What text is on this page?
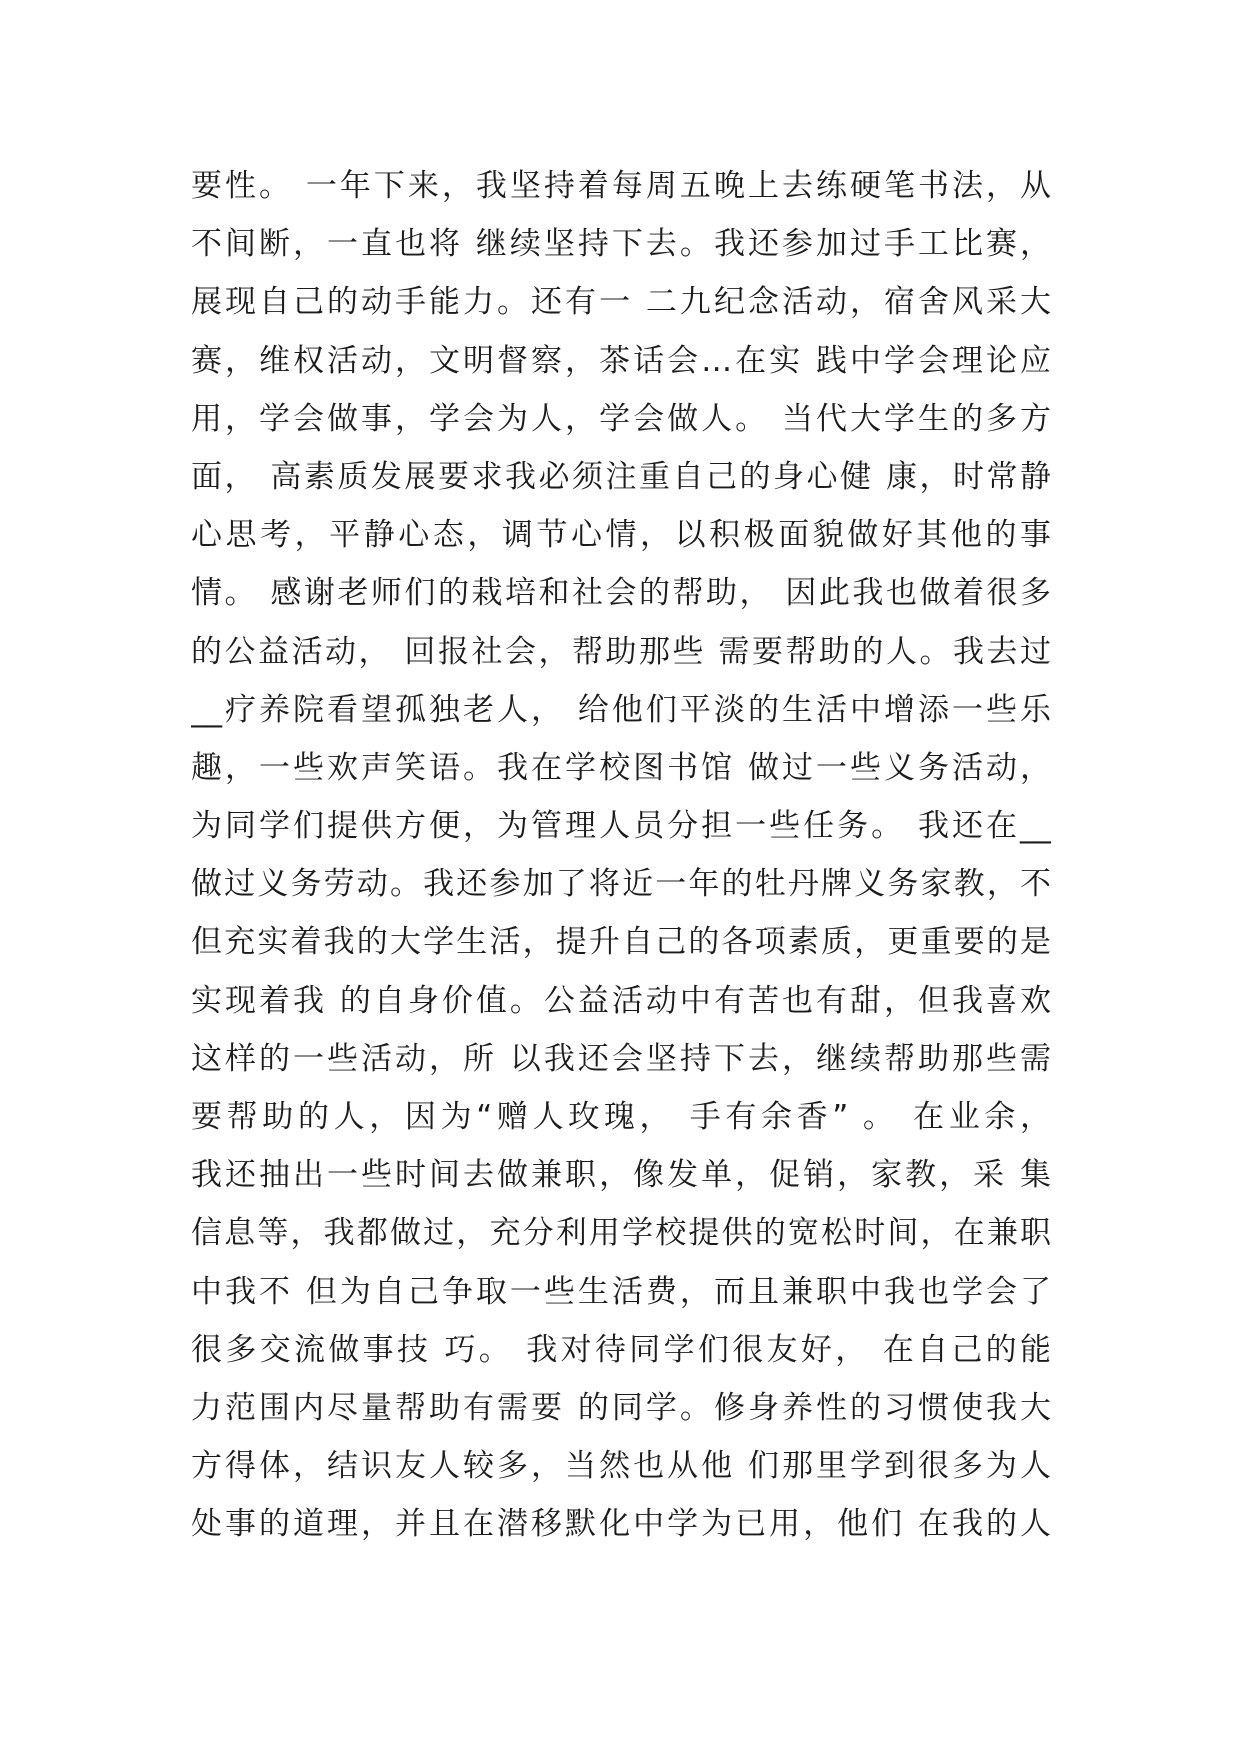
要性。 一年下来，我坚持着每周五晚上去练硬笔书法，从
不间断，一直也将 继续坚持下去。我还参加过手工比赛，
展现自己的动手能力。还有一 二九纪念活动，宿舍风采大
赛，维权活动，文明督察，茶话会…在实 践中学会理论应
用，学会做事，学会为人，学会做人。 当代大学生的多方
面， 高素质发展要求我必须注重自己的身心健 康，时常静
心思考，平静心态，调节心情，以积极面貌做好其他的事
情。 感谢老师们的栽培和社会的帮助， 因此我也做着很多
的公益活动， 回报社会，帮助那些 需要帮助的人。我去过
__疗养院看望孤独老人， 给他们平淡的生活中增添一些乐
趣，一些欢声笑语。我在学校图书馆 做过一些义务活动，
为同学们提供方便，为管理人员分担一些任务。 我还在__
做过义务劳动。我还参加了将近一年的牡丹牌义务家教，不
但充实着我的大学生活，提升自己的各项素质，更重要的是
实现着我 的自身价值。公益活动中有苦也有甜，但我喜欢
这样的一些活动，所 以我还会坚持下去，继续帮助那些需
要帮助的人，因为“赠人玫瑰， 手有余香” 。 在业余，
我还抽出一些时间去做兼职，像发单，促销，家教，采 集
信息等，我都做过，充分利用学校提供的宽松时间，在兼职
中我不 但为自己争取一些生活费，而且兼职中我也学会了
很多交流做事技 巧。 我对待同学们很友好， 在自己的能
力范围内尽量帮助有需要 的同学。修身养性的习惯使我大
方得体，结识友人较多，当然也从他 们那里学到很多为人
处事的道理，并且在潜移默化中学为已用，他们 在我的人
